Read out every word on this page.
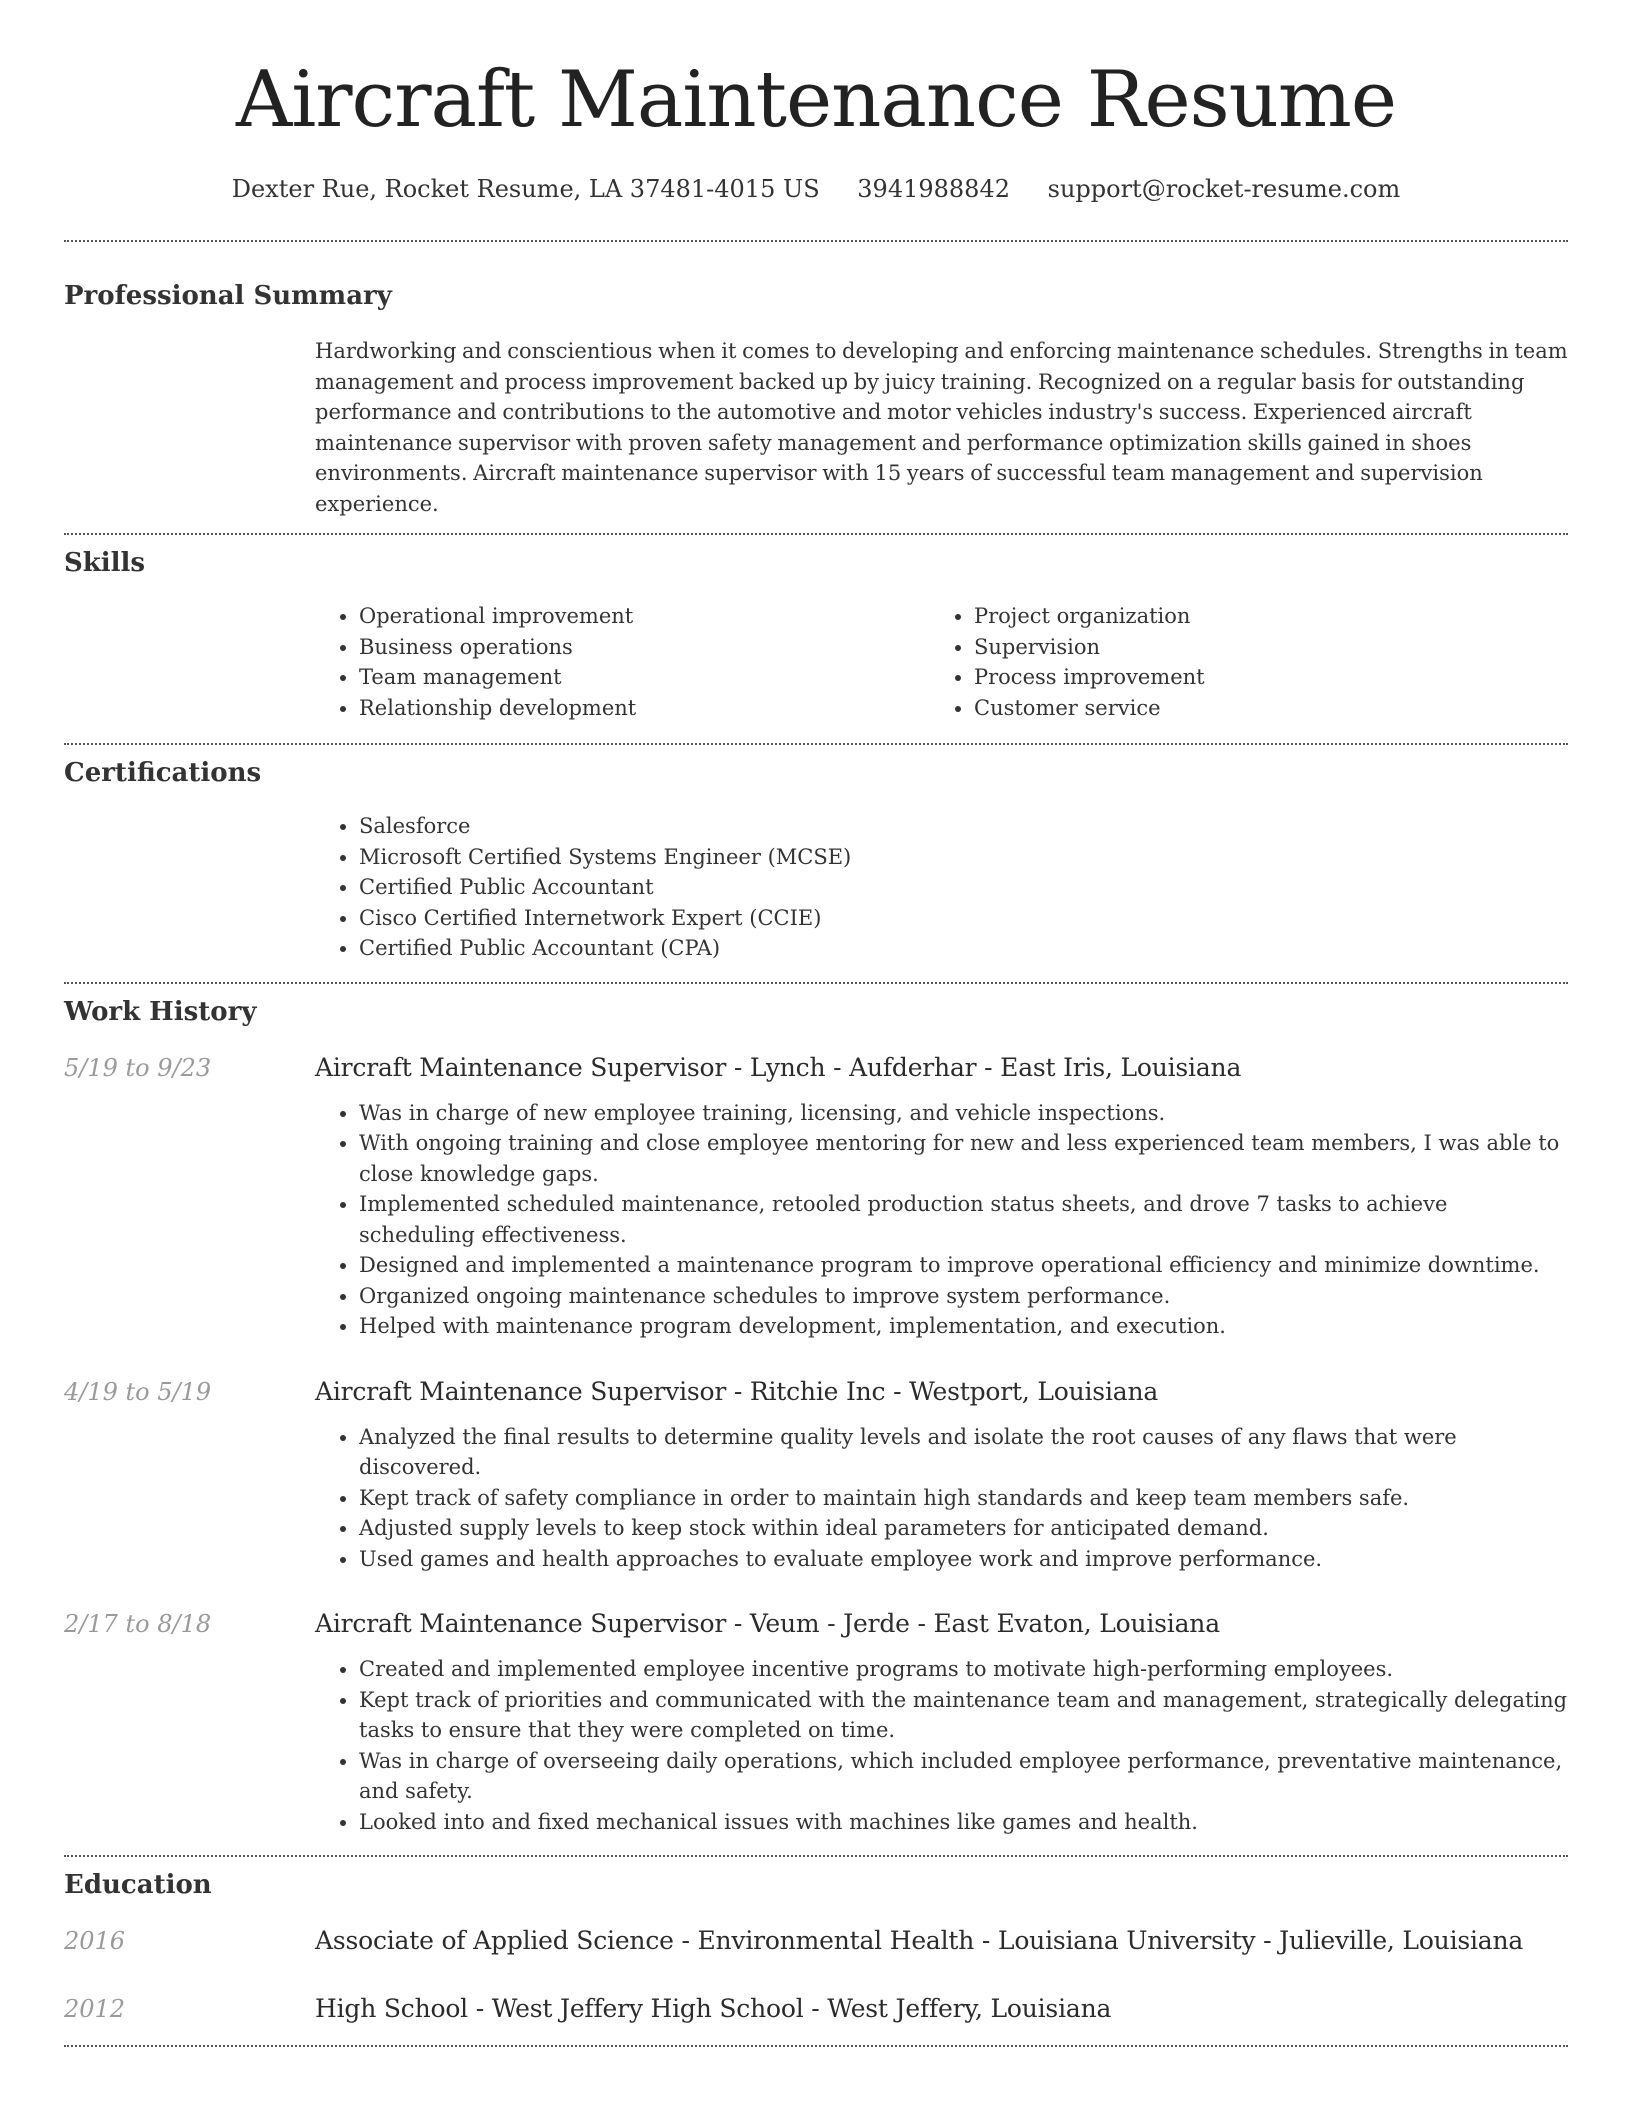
Aircraft Maintenance Resume
Dexter Rue, Rocket Resume, LA 37481-4015 US 3941988842 support@rocket-resume.com
Professional Summary

Hardworking and conscientious when it comes to developing and enforcing maintenance schedules. Strengths in team management and process improvement backed up by juicy training. Recognized on a regular basis for outstanding performance and contributions to the automotive and motor vehicles industry's success. Experienced aircraft maintenance supervisor with proven safety management and performance optimization skills gained in shoes environments. Aircraft maintenance supervisor with 15 years of successful team management and supervision experience.

Skills
• Operational improvement
• Business operations
• Team management
• Relationship development
• Project organization
• Supervision
• Process improvement
• Customer service
Certifications
• Salesforce
• Microsoft Certified Systems Engineer (MCSE)
• Certified Public Accountant
• Cisco Certified Internetwork Expert (CCIE)
• Certified Public Accountant (CPA)
Work History
5/19 to 9/23	Aircraft Maintenance Supervisor - Lynch - Aufderhar - East Iris, Louisiana
• Was in charge of new employee training, licensing, and vehicle inspections.
• With ongoing training and close employee mentoring for new and less experienced team members, I was able to close knowledge gaps.
• Implemented scheduled maintenance, retooled production status sheets, and drove 7 tasks to achieve scheduling effectiveness.
• Designed and implemented a maintenance program to improve operational efficiency and minimize downtime.
• Organized ongoing maintenance schedules to improve system performance.
• Helped with maintenance program development, implementation, and execution.
4/19 to 5/19	Aircraft Maintenance Supervisor - Ritchie Inc - Westport, Louisiana
• Analyzed the final results to determine quality levels and isolate the root causes of any flaws that were discovered.
• Kept track of safety compliance in order to maintain high standards and keep team members safe.
• Adjusted supply levels to keep stock within ideal parameters for anticipated demand.
• Used games and health approaches to evaluate employee work and improve performance.
2/17 to 8/18	Aircraft Maintenance Supervisor - Veum - Jerde - East Evaton, Louisiana
• Created and implemented employee incentive programs to motivate high-performing employees.
• Kept track of priorities and communicated with the maintenance team and management, strategically delegating tasks to ensure that they were completed on time.
• Was in charge of overseeing daily operations, which included employee performance, preventative maintenance, and safety.
• Looked into and fixed mechanical issues with machines like games and health.
Education
2016	Associate of Applied Science - Environmental Health - Louisiana University - Julieville, Louisiana
2012	High School - West Jeffery High School - West Jeffery, Louisiana
